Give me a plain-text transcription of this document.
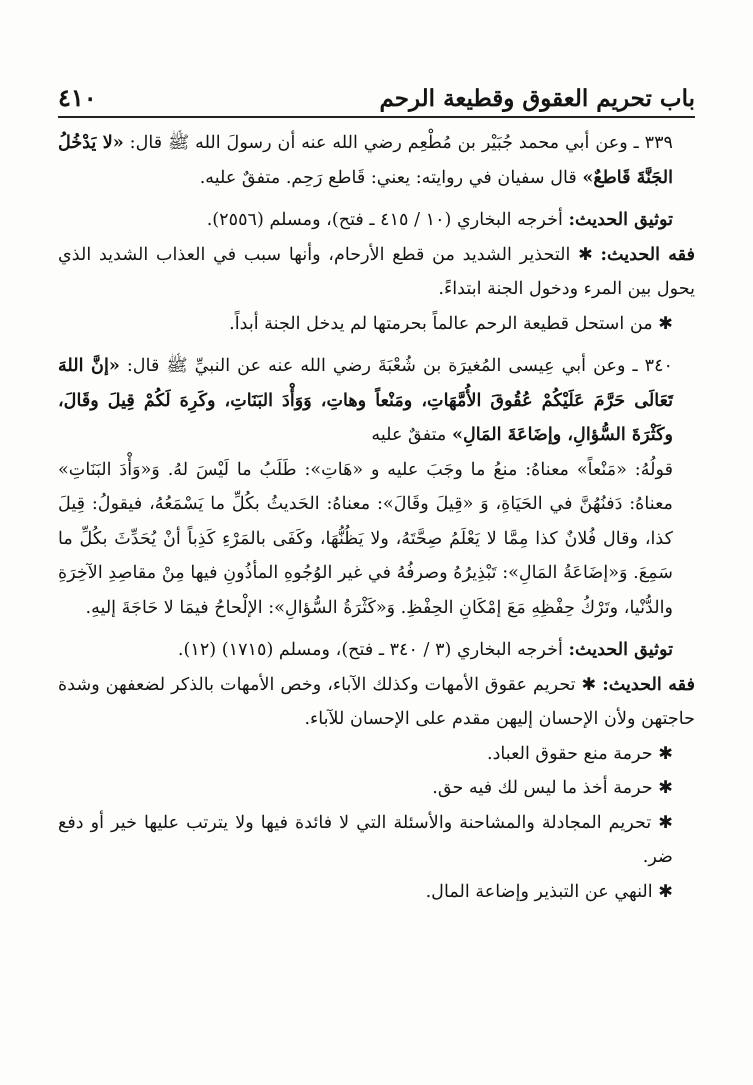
٤١٠	باب تحريم العقوق وقطيعة الرحم

٣٣٩ ـ وعن أبي محمد جُبَيْر بن مُطْعِم رضي الله عنه أن رسولَ الله ﷺ قال: «لا يَدْخُلُ الجَنَّةَ قَاطعٌ» قال سفيان في روايته: يعني: قَاطع رَحِم. متفقٌ عليه.

توثيق الحديث: أخرجه البخاري (١٠ / ٤١٥ ـ فتح)، ومسلم (٢٥٥٦).

فقه الحديث: ✱ التحذير الشديد من قطع الأرحام، وأنها سبب في العذاب الشديد الذي يحول بين المرء ودخول الجنة ابتداءً.

✱ من استحل قطيعة الرحم عالماً بحرمتها لم يدخل الجنة أبداً.

٣٤٠ ـ وعن أبي عِيسى المُغيرَة بن شُعْبَةَ رضي الله عنه عن النبيِّ ﷺ قال: «إنَّ اللهَ تَعَالَى حَرَّمَ عَلَيْكُمْ عُقُوقَ الأُمَّهَاتِ، ومَنْعاً وهاتِ، وَوَأْدَ البَنَاتِ، وكَرِهَ لَكُمْ قِيلَ وقَالَ، وكَثْرَةَ السُّؤالِ، وإضَاعَةَ المَالِ» متفقٌ عليه

قولُهُ: «مَنْعاً» معناهُ: منعُ ما وجَبَ عليه و «هَاتِ»: طَلَبُ ما لَيْسَ لهُ. وَ«وَأْدَ البَنَاتِ» معناهُ: دَفنُهُنَّ في الحَيَاةِ، وَ «قِيلَ وقَالَ»: معناهُ: الحَديثُ بكُلِّ ما يَسْمَعُهُ، فيقولُ: قِيلَ كذا، وقال فُلانٌ كذا مِمَّا لا يَعْلَمُ صِحَّتَهُ، ولا يَظُنُّهَا، وكَفَى بالمَرْءِ كَذِباً أنْ يُحَدِّثَ بكُلِّ ما سَمِعَ. وَ«إضَاعَةُ المَالِ»: تَبْذِيرُهُ وصرفُهُ في غير الوُجُوهِ المأذُونِ فيها مِنْ مقاصِدِ الآخِرَةِ والدُّنْيا، وتَرْكُ حِفْظِهِ مَعَ إمْكَانِ الحِفْظِ. وَ«كَثْرَةُ السُّؤالِ»: الإلْحاحُ فيمَا لا حَاجَةَ إليهِ.

توثيق الحديث: أخرجه البخاري (٣ / ٣٤٠ ـ فتح)، ومسلم (١٧١٥) (١٢).

فقه الحديث: ✱ تحريم عقوق الأمهات وكذلك الآباء، وخص الأمهات بالذكر لضعفهن وشدة حاجتهن ولأن الإحسان إليهن مقدم على الإحسان للآباء.

✱ حرمة منع حقوق العباد.

✱ حرمة أخذ ما ليس لك فيه حق.

✱ تحريم المجادلة والمشاحنة والأسئلة التي لا فائدة فيها ولا يترتب عليها خير أو دفع ضر.

✱ النهي عن التبذير وإضاعة المال.
